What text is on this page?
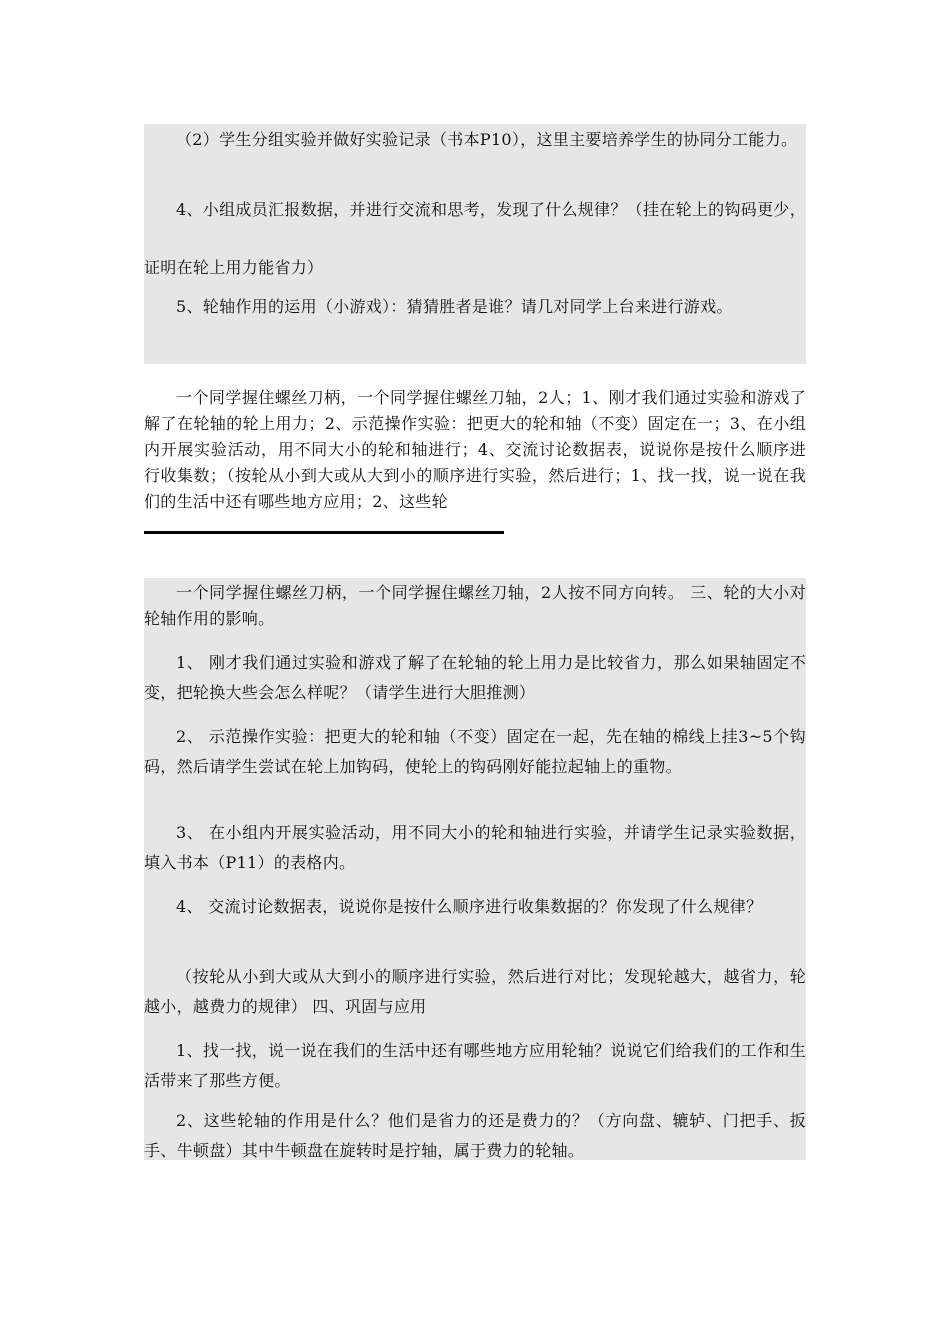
（2）学生分组实验并做好实验记录（书本P10），这里主要培养学生的协同分工能力。

4、小组成员汇报数据，并进行交流和思考，发现了什么规律？（挂在轮上的钩码更少，证明在轮上用力能省力）

5、轮轴作用的运用（小游戏）：猜猜胜者是谁？请几对同学上台来进行游戏。

一个同学握住螺丝刀柄，一个同学握住螺丝刀轴，2人；1、刚才我们通过实验和游戏了解了在轮轴的轮上用力；2、示范操作实验：把更大的轮和轴（不变）固定在一；3、在小组内开展实验活动，用不同大小的轮和轴进行；4、交流讨论数据表，说说你是按什么顺序进行收集数；（按轮从小到大或从大到小的顺序进行实验，然后进行；1、找一找，说一说在我们的生活中还有哪些地方应用；2、这些轮

一个同学握住螺丝刀柄，一个同学握住螺丝刀轴，2人按不同方向转。 三、轮的大小对轮轴作用的影响。

1、 刚才我们通过实验和游戏了解了在轮轴的轮上用力是比较省力，那么如果轴固定不变，把轮换大些会怎么样呢？（请学生进行大胆推测）

2、 示范操作实验：把更大的轮和轴（不变）固定在一起，先在轴的棉线上挂3~5个钩码，然后请学生尝试在轮上加钩码，使轮上的钩码刚好能拉起轴上的重物。

3、 在小组内开展实验活动，用不同大小的轮和轴进行实验，并请学生记录实验数据，填入书本（P11）的表格内。

4、 交流讨论数据表，说说你是按什么顺序进行收集数据的？你发现了什么规律？

（按轮从小到大或从大到小的顺序进行实验，然后进行对比；发现轮越大，越省力，轮越小，越费力的规律） 四、巩固与应用

1、找一找，说一说在我们的生活中还有哪些地方应用轮轴？说说它们给我们的工作和生活带来了那些方便。

2、这些轮轴的作用是什么？他们是省力的还是费力的？（方向盘、辘轳、门把手、扳手、牛顿盘）其中牛顿盘在旋转时是拧轴，属于费力的轮轴。
